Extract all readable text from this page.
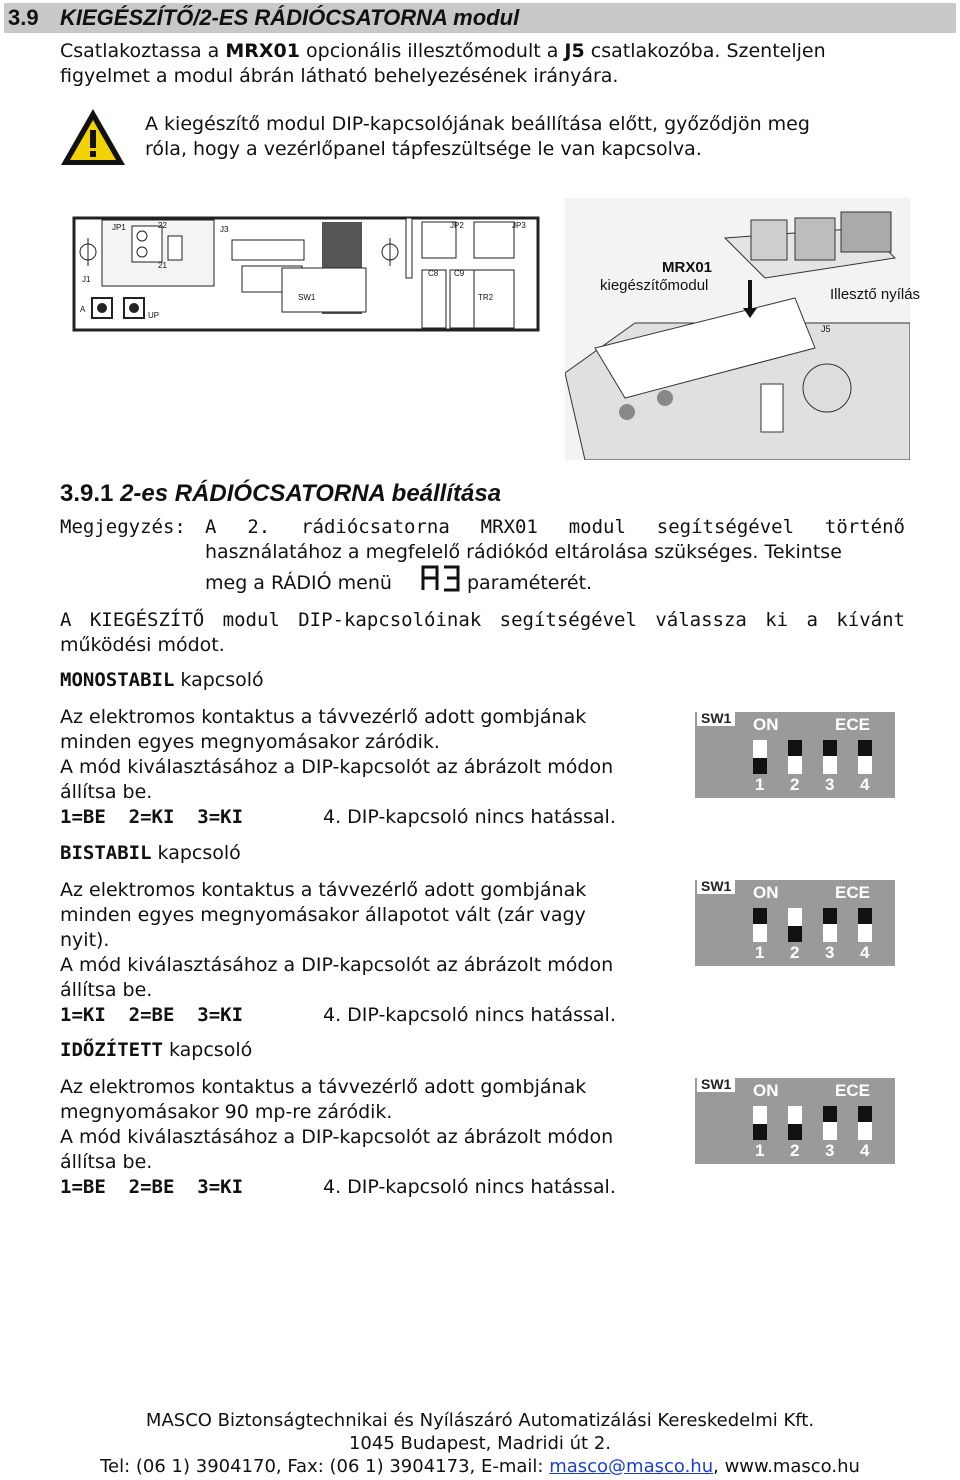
3.9 KIEGÉSZÍTŐ/2-ES RÁDIÓCSATORNA modul
Csatlakoztassa a MRX01 opcionális illesztőmodult a J5 csatlakozóba. Szenteljen
figyelmet a modul ábrán látható behelyezésének irányára.
A kiegészítő modul DIP-kapcsolójának beállítása előtt, győződjön meg
róla, hogy a vezérlőpanel tápfeszültsége le van kapcsolva.
JP1	22
21
J3	JP2	JP3
J1
SW1
C8 C9
TR2
A
UP
J5
MRX01
kiegészítőmodul
Illesztő nyílás
3.9.1 2-es RÁDIÓCSATORNA beállítása
Megjegyzés: A 2. rádiócsatorna MRX01 modul segítségével történő
használatához a megfelelő rádiókód eltárolása szükséges. Tekintse
meg a RÁDIÓ menü	paraméterét.
A KIEGÉSZÍTŐ modul DIP-kapcsolóinak segítségével válassza ki a kívánt
működési módot.
MONOSTABIL kapcsoló
Az elektromos kontaktus a távvezérlő adott gombjának
minden egyes megnyomásakor záródik.
A mód kiválasztásához a DIP-kapcsolót az ábrázolt módon
állítsa be.
1=BE  2=KI  3=KI	4. DIP-kapcsoló nincs hatással.
SW1 ON	ECE
1 2 3 4
BISTABIL kapcsoló
Az elektromos kontaktus a távvezérlő adott gombjának
minden egyes megnyomásakor állapotot vált (zár vagy
nyit).
A mód kiválasztásához a DIP-kapcsolót az ábrázolt módon
állítsa be.
1=KI  2=BE  3=KI	4. DIP-kapcsoló nincs hatással.
SW1 ON	ECE
1 2 3 4
IDŐZÍTETT kapcsoló
Az elektromos kontaktus a távvezérlő adott gombjának
megnyomásakor 90 mp-re záródik.
A mód kiválasztásához a DIP-kapcsolót az ábrázolt módon
állítsa be.
1=BE  2=BE  3=KI	4. DIP-kapcsoló nincs hatással.
SW1 ON	ECE
1 2 3 4
MASCO Biztonságtechnikai és Nyílászáró Automatizálási Kereskedelmi Kft.
1045 Budapest, Madridi út 2.
Tel: (06 1) 3904170, Fax: (06 1) 3904173, E-mail: masco@masco.hu, www.masco.hu
